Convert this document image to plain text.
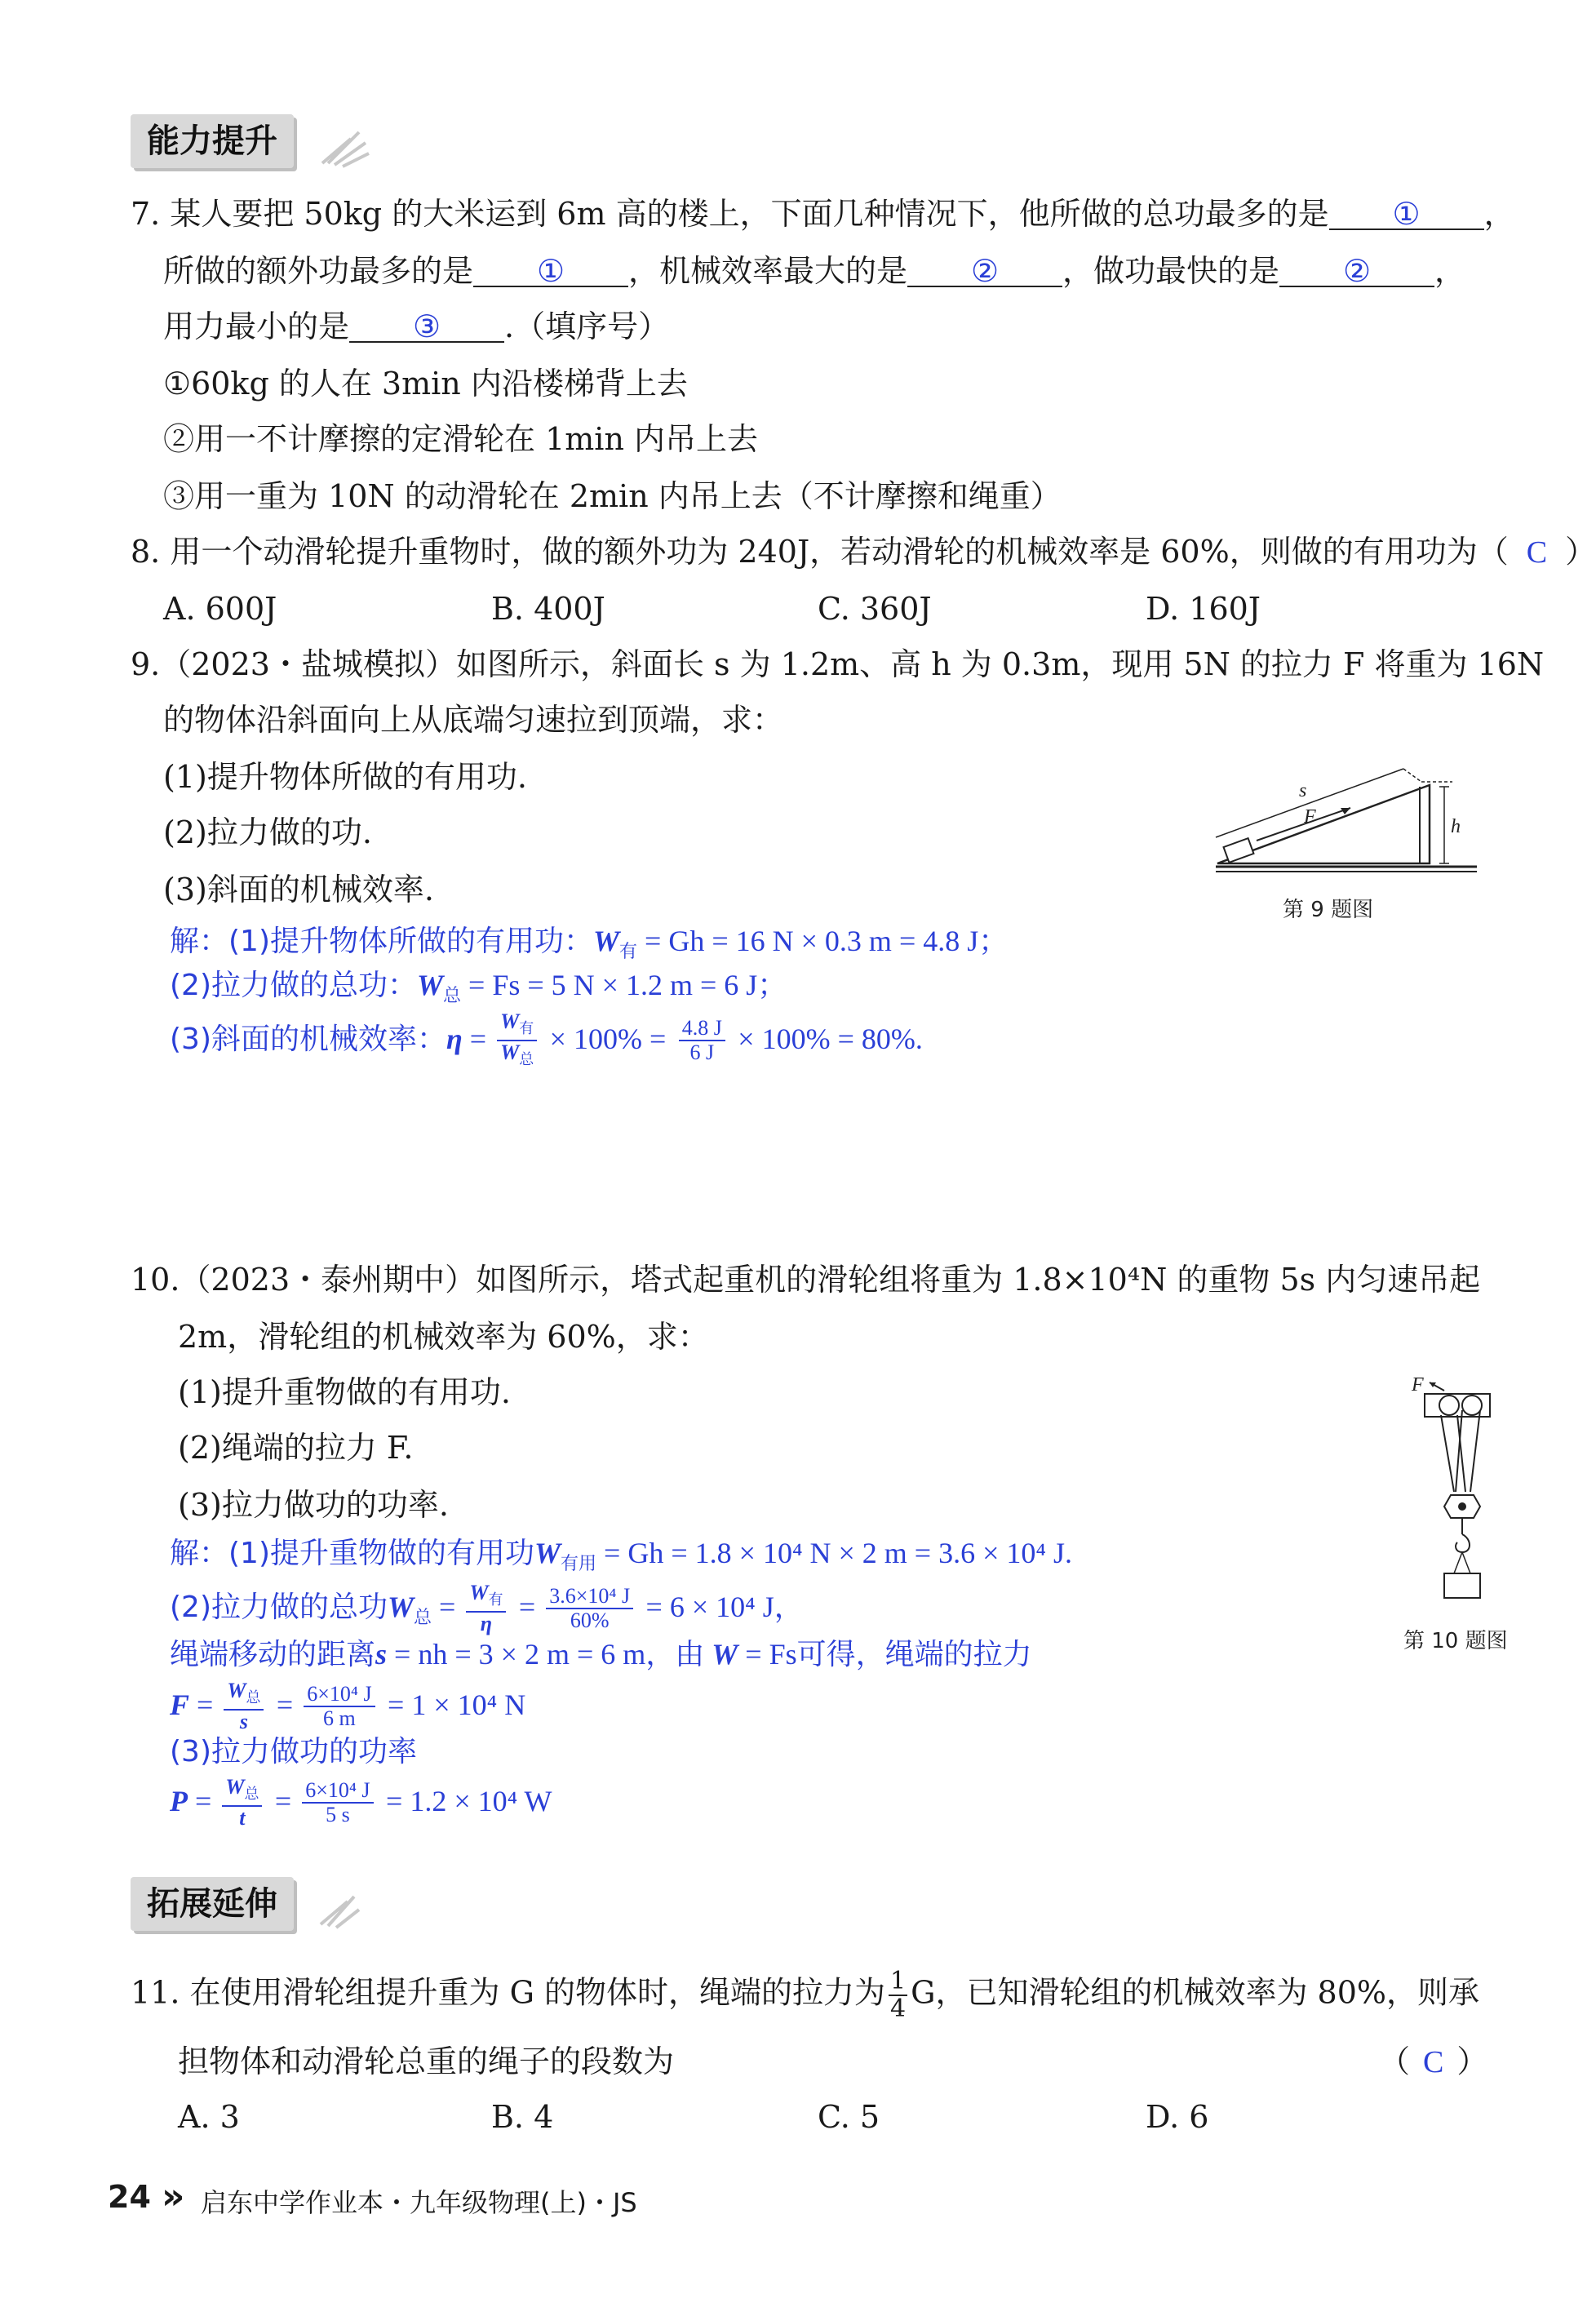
能力提升
7. 某人要把 50kg 的大米运到 6m 高的楼上，下面几种情况下，他所做的总功最多的是 ① ，
所做的额外功最多的是 ① ，机械效率最大的是 ② ，做功最快的是 ② ，
用力最小的是 ③ .（填序号）
①60kg 的人在 3min 内沿楼梯背上去
②用一不计摩擦的定滑轮在 1min 内吊上去
③用一重为 10N 的动滑轮在 2min 内吊上去（不计摩擦和绳重）
8. 用一个动滑轮提升重物时，做的额外功为 240J，若动滑轮的机械效率是 60%，则做的有用功为（ C ）
A. 600J	B. 400J	C. 360J	D. 160J
9.（2023・盐城模拟）如图所示，斜面长 s 为 1.2m、高 h 为 0.3m，现用 5N 的拉力 F 将重为 16N
的物体沿斜面向上从底端匀速拉到顶端，求：
(1)提升物体所做的有用功.
(2)拉力做的功.
(3)斜面的机械效率.
s
F	h
第 9 题图
解：(1)提升物体所做的有用功：$W_有 = Gh = 16$ N × 0.3 m = 4.8 J；
(2)拉力做的总功：$W_总 = Fs = 5$ N × 1.2 m = 6 J；
(3)斜面的机械效率：$\eta = \frac{W_有}{W_总} \times 100\% = \frac{4.8 J}{6 J} \times 100\% = 80\%$.
10.（2023・泰州期中）如图所示，塔式起重机的滑轮组将重为 1.8×10⁴N 的重物 5s 内匀速吊起
2m，滑轮组的机械效率为 60%，求：
(1)提升重物做的有用功.
(2)绳端的拉力 F.
(3)拉力做功的功率.
F
第 10 题图
解：(1)提升重物做的有用功$W_{有用} = Gh = 1.8 \times 10^4$ N × 2 m = 3.6 × 10⁴ J.
(2)拉力做的总功$W_总 = \frac{W_有}{\eta} = \frac{\text{3.6×10⁴ J}}{60\%} = 6 \times 10^4$ J，
绳端移动的距离s = nh = 3 × 2 m = 6 m，由 W = Fs可得，绳端的拉力
$F = \frac{W_总}{s} = \frac{\text{6×10⁴ J}}{6 m} = 1 \times 10^4$ N
(3)拉力做功的功率
$P = \frac{W_总}{t} = \frac{\text{6×10⁴ J}}{5 s} = 1.2 \times 10^4$ W
拓展延伸
11. 在使用滑轮组提升重为 G 的物体时，绳端的拉力为 $\frac{1}{4}$ G，已知滑轮组的机械效率为 80%，则承
担物体和动滑轮总重的绳子的段数为	（ C ）
A. 3	B. 4	C. 5	D. 6
24 » 启东中学作业本・九年级物理(上)・JS
